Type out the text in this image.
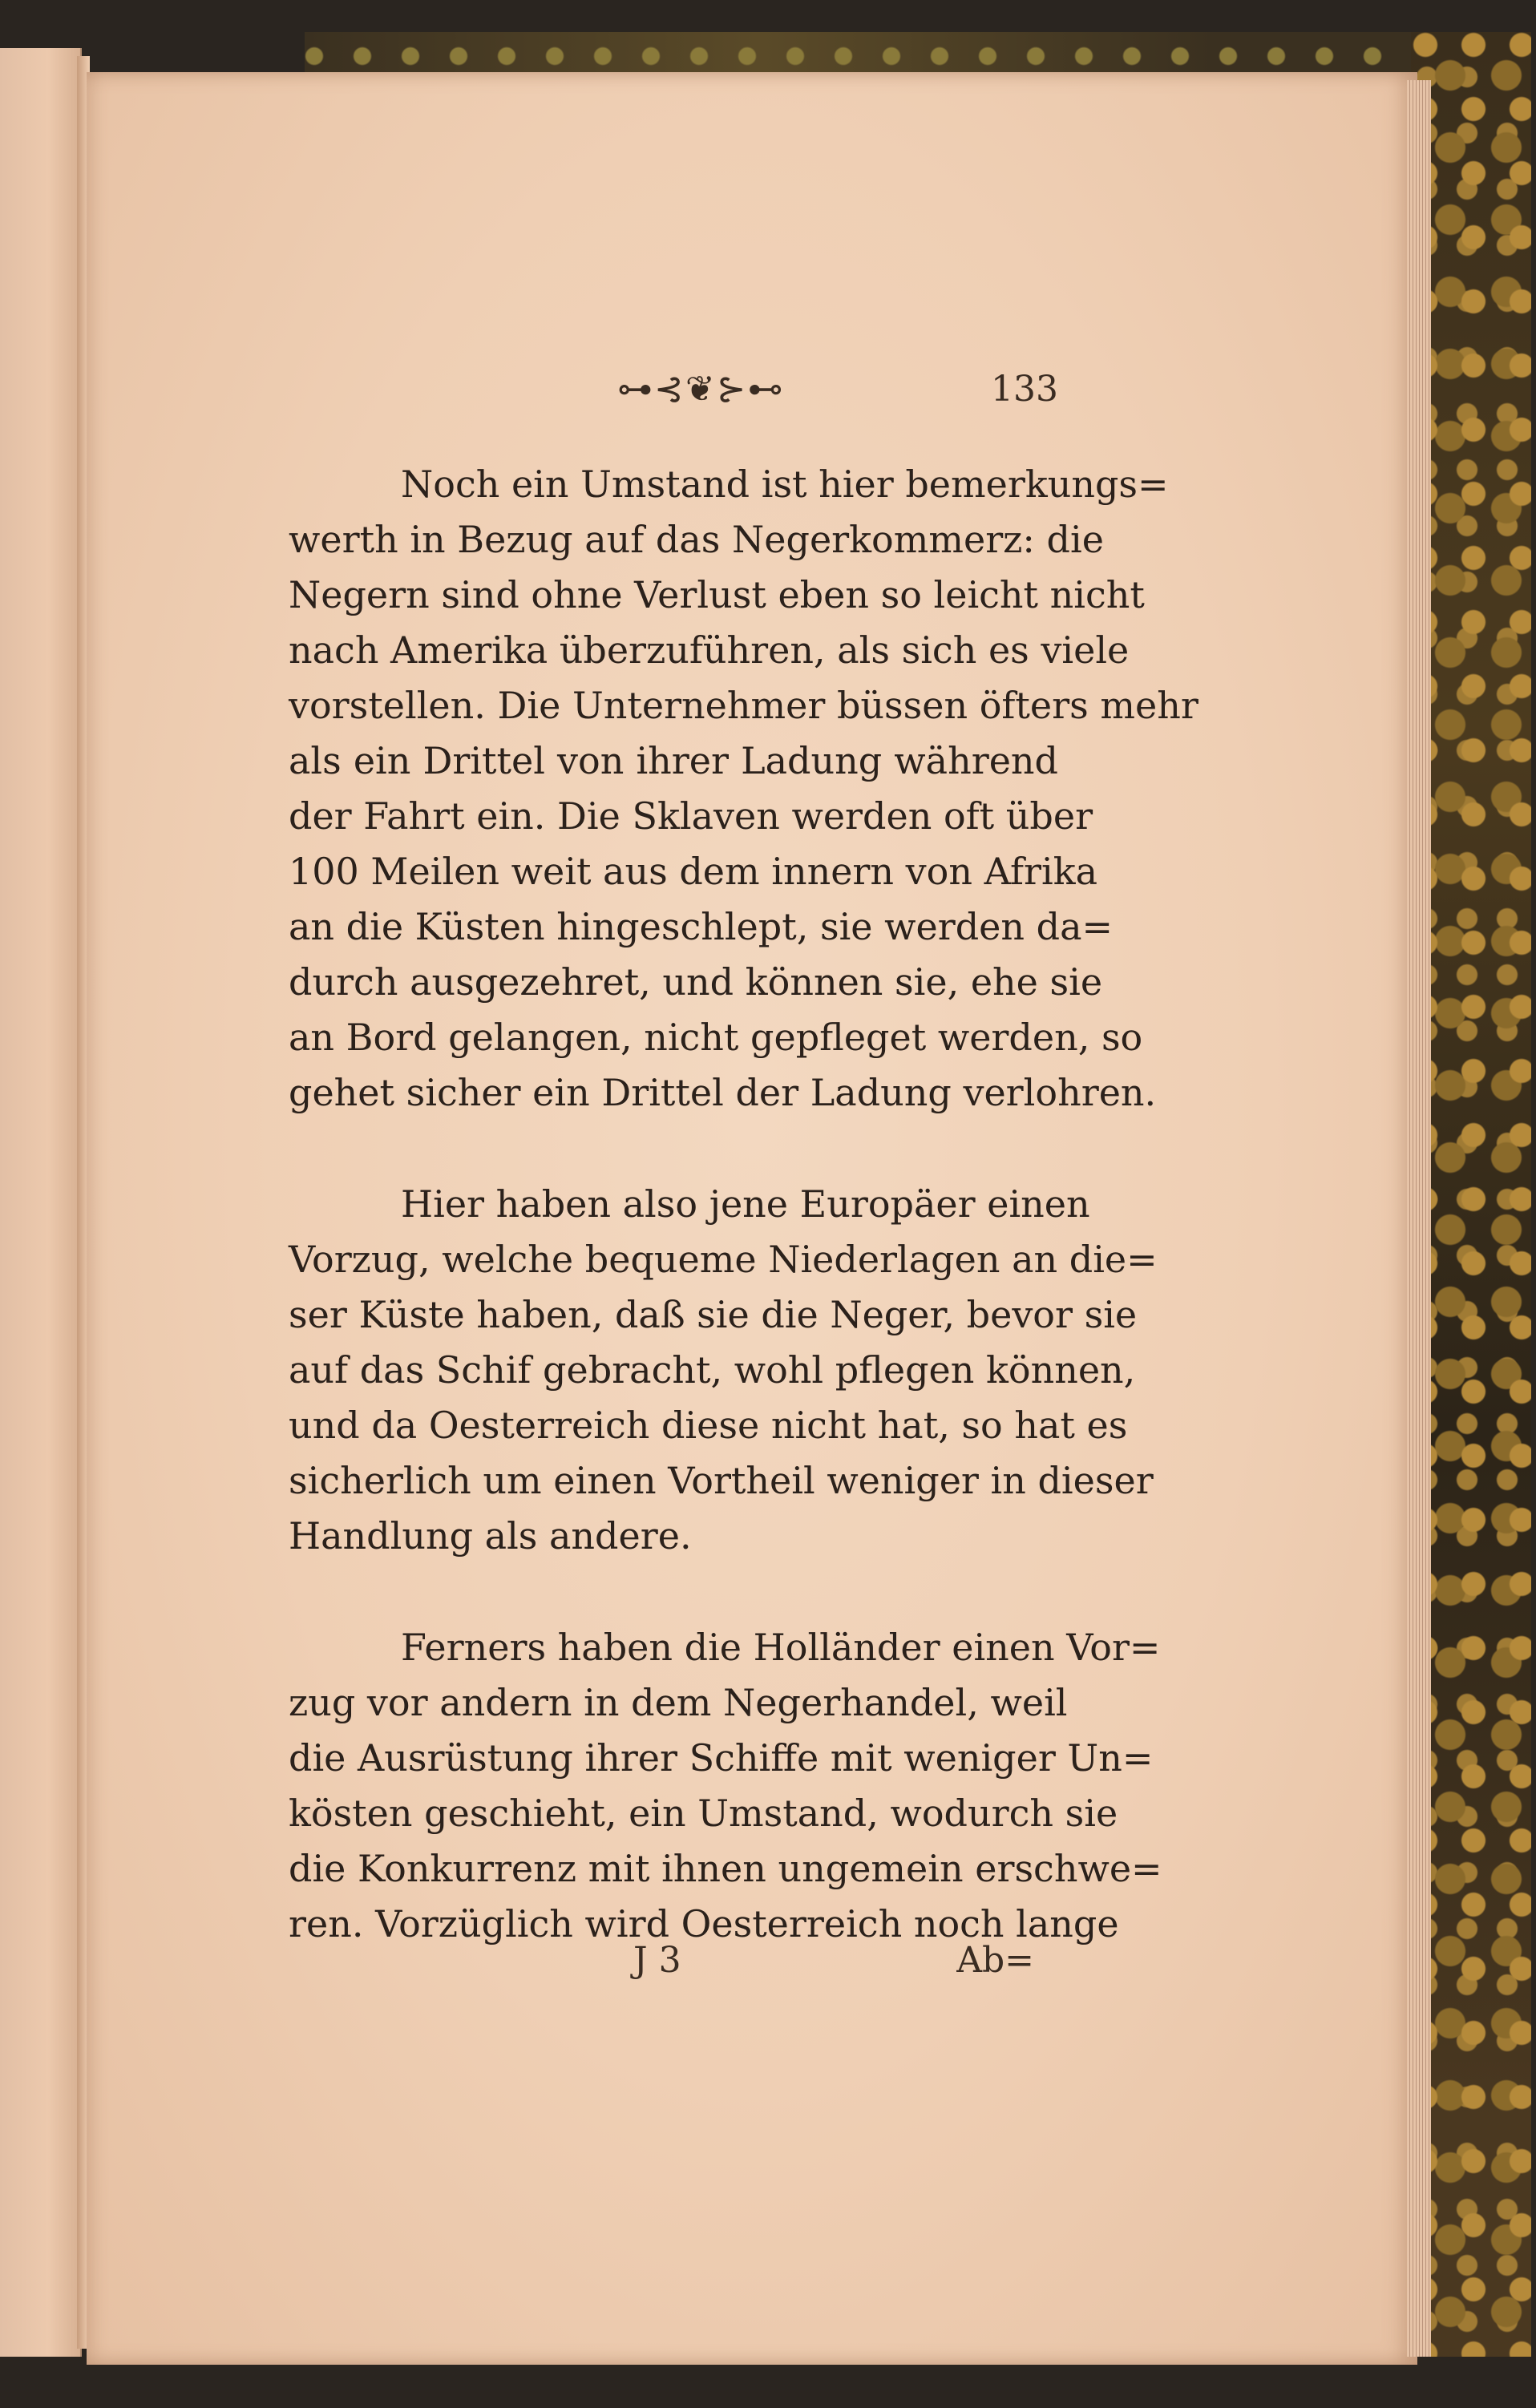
⊶⊰❦⊱⊷	133
Noch ein Umstand ist hier bemerkungs=
werth in Bezug auf das Negerkommerz: die
Negern sind ohne Verlust eben so leicht nicht
nach Amerika überzuführen, als sich es viele
vorstellen. Die Unternehmer büssen öfters mehr
als ein Drittel von ihrer Ladung während
der Fahrt ein. Die Sklaven werden oft über
100 Meilen weit aus dem innern von Afrika
an die Küsten hingeschlept, sie werden da=
durch ausgezehret, und können sie, ehe sie
an Bord gelangen, nicht gepfleget werden, so
gehet sicher ein Drittel der Ladung verlohren.
Hier haben also jene Europäer einen
Vorzug, welche bequeme Niederlagen an die=
ser Küste haben, daß sie die Neger, bevor sie
auf das Schif gebracht, wohl pflegen können,
und da Oesterreich diese nicht hat, so hat es
sicherlich um einen Vortheil weniger in dieser
Handlung als andere.
Ferners haben die Holländer einen Vor=
zug vor andern in dem Negerhandel, weil
die Ausrüstung ihrer Schiffe mit weniger Un=
kösten geschieht, ein Umstand, wodurch sie
die Konkurrenz mit ihnen ungemein erschwe=
ren. Vorzüglich wird Oesterreich noch lange
J 3	Ab=
